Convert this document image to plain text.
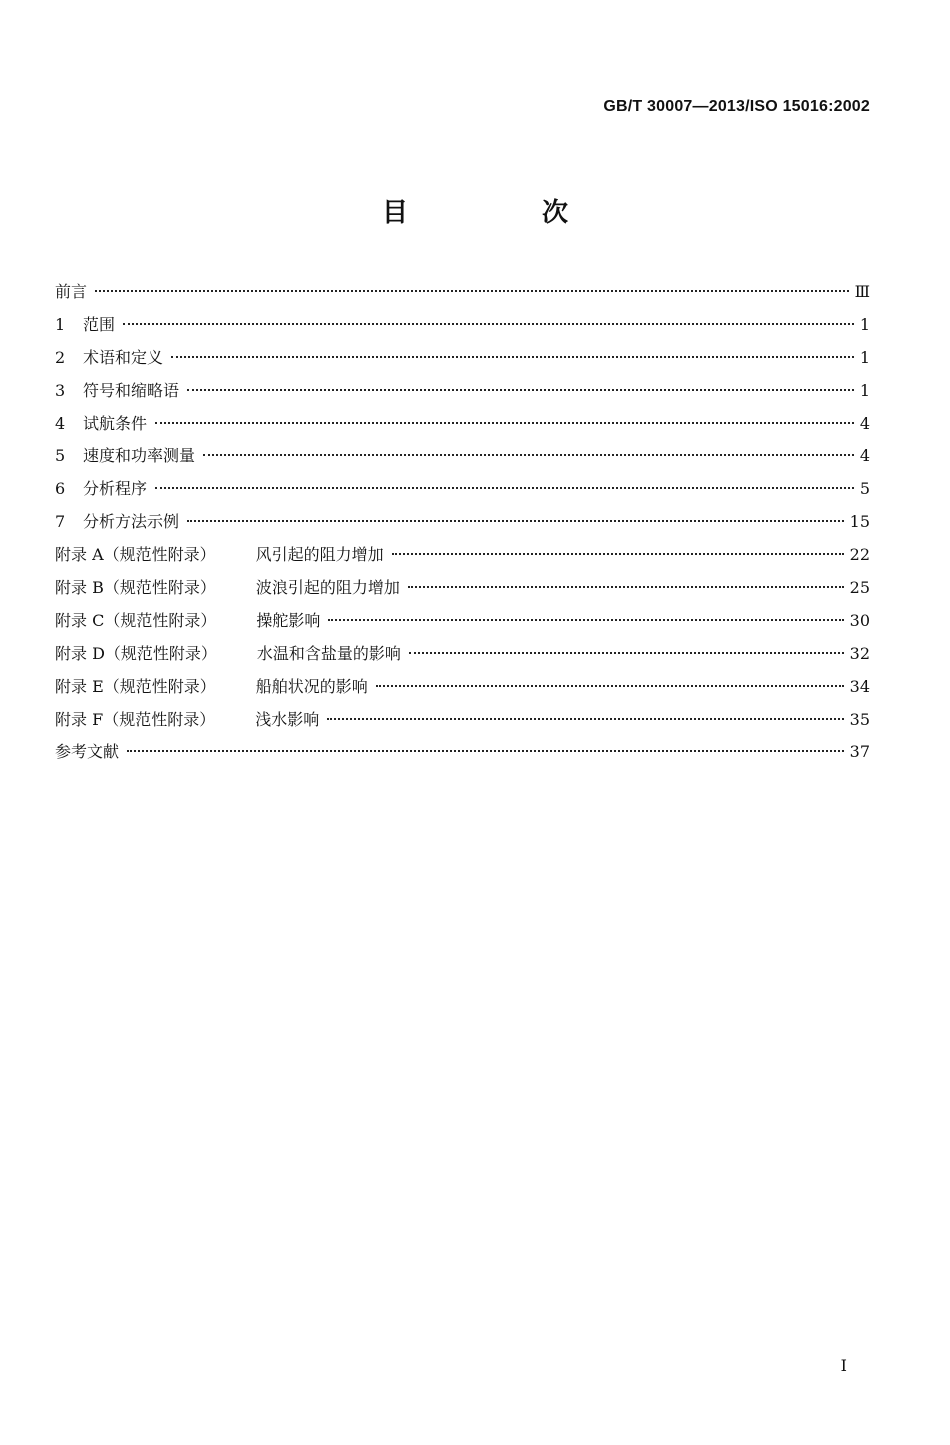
GB/T 30007—2013/ISO 15016:2002
目　次
前言	Ⅲ
1	范围	1
2	术语和定义	1
3	符号和缩略语	1
4	试航条件	4
5	速度和功率测量	4
6	分析程序	5
7	分析方法示例	15
附录 A（规范性附录）	风引起的阻力增加	22
附录 B（规范性附录）	波浪引起的阻力增加	25
附录 C（规范性附录）	操舵影响	30
附录 D（规范性附录）	水温和含盐量的影响	32
附录 E（规范性附录）	船舶状况的影响	34
附录 F（规范性附录）	浅水影响	35
参考文献	37
I
